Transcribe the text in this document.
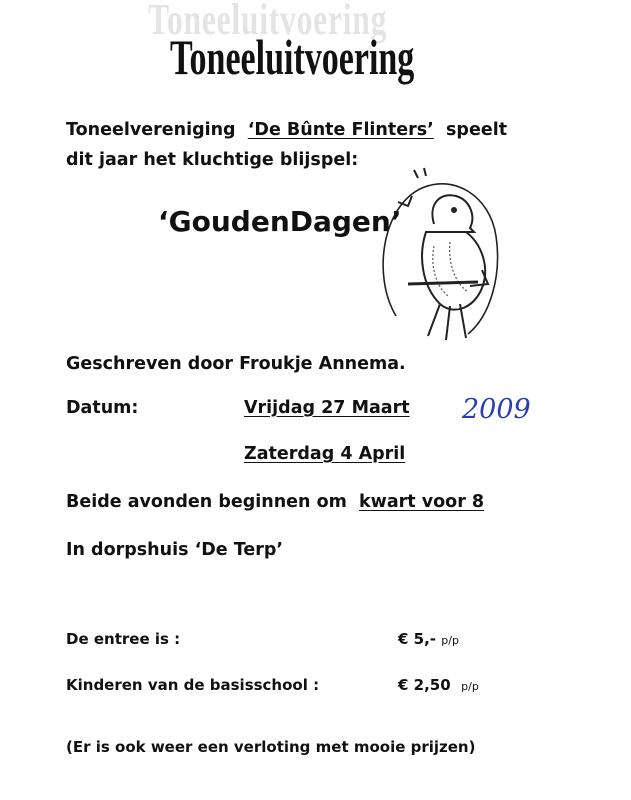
Toneeluitvoering
Toneeluitvoering
Toneelvereniging ‘De Bûnte Flinters’ speelt
dit jaar het kluchtige blijspel:
‘GoudenDagen’
Geschreven door Froukje Annema.
Datum:	Vrijdag 27 Maart 2009
Zaterdag 4 April
Beide avonden beginnen om kwart voor 8
In dorpshuis ‘De Terp’
De entree is :	€ 5,- p/p
Kinderen van de basisschool :	€ 2,50 p/p
(Er is ook weer een verloting met mooie prijzen)
